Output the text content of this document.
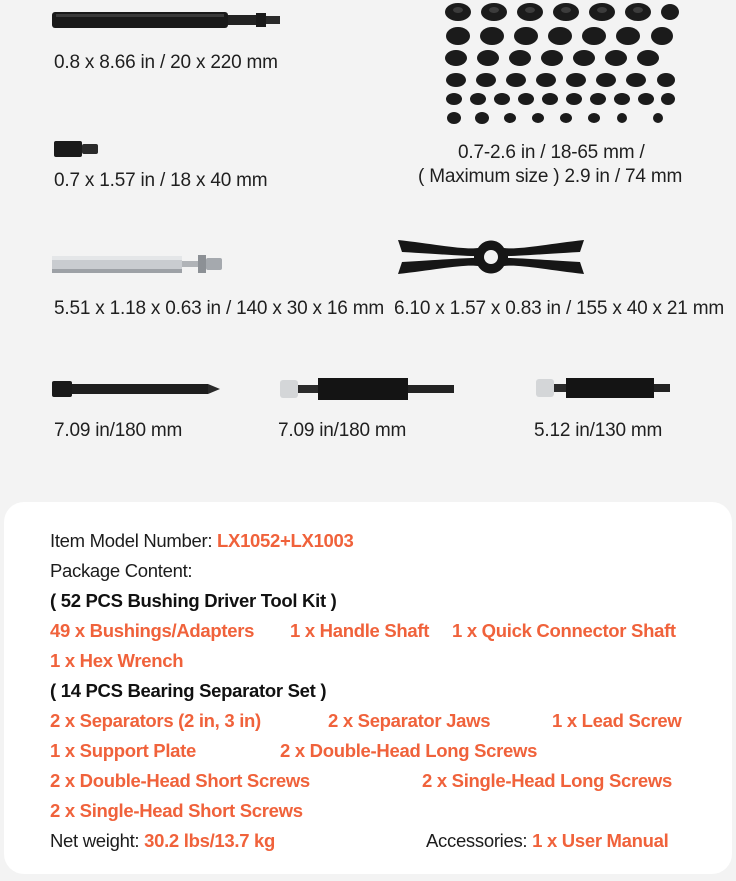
0.8 x 8.66 in / 20 x 220 mm
0.7 x 1.57 in / 18 x 40 mm
0.7-2.6 in / 18-65 mm /
( Maximum size ) 2.9 in / 74 mm
5.51 x 1.18 x 0.63 in / 140 x 30 x 16 mm 6.10 x 1.57 x 0.83 in / 155 x 40 x 21 mm
7.09 in/180 mm	7.09 in/180 mm	5.12 in/130 mm
Item Model Number: LX1052+LX1003
Package Content:
( 52 PCS Bushing Driver Tool Kit )
49 x Bushings/Adapters 1 x Handle Shaft 1 x Quick Connector Shaft
1 x Hex Wrench
( 14 PCS Bearing Separator Set )
2 x Separators (2 in, 3 in)	2 x Separator Jaws	1 x Lead Screw
1 x Support Plate	2 x Double-Head Long Screws
2 x Double-Head Short Screws	2 x Single-Head Long Screws
2 x Single-Head Short Screws
Net weight: 30.2 lbs/13.7 kg	Accessories: 1 x User Manual
